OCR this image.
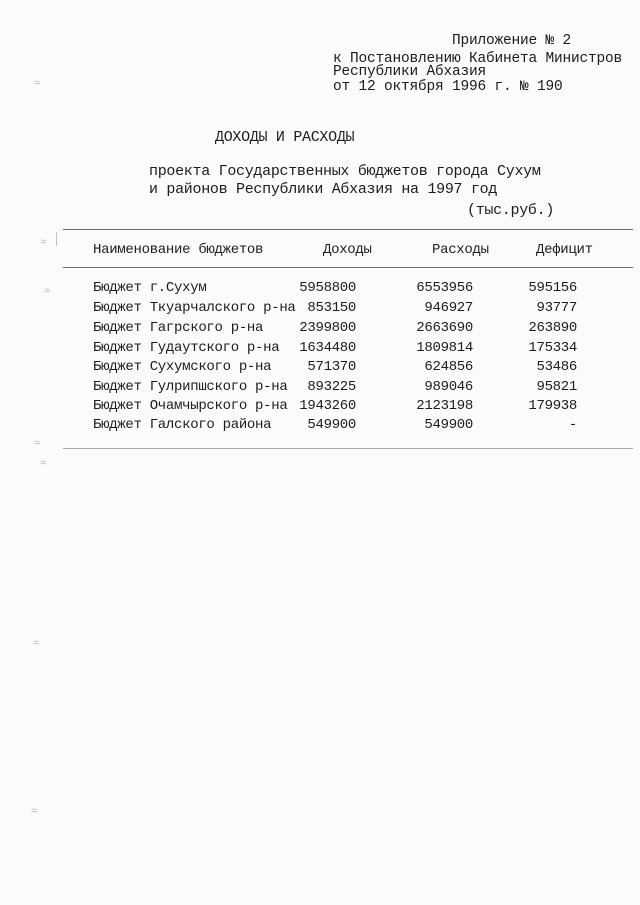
Приложение № 2
к Постановлению Кабинета Министров
Республики Абхазия
от 12 октября 1996 г. № 190
ДОХОДЫ И РАСХОДЫ
проекта Государственных бюджетов города Сухум
и районов Республики Абхазия на 1997 год
(тыс.руб.)
Наименование бюджетов	Доходы	Расходы	Дефицит
Бюджет г.Сухум	5958800	6553956	595156
Бюджет Ткуарчалского р-на 853150	946927	93777
Бюджет Гагрского р-на	2399800	2663690	263890
Бюджет Гудаутского р-на	1634480	1809814	175334
Бюджет Сухумского р-на	571370	624856	53486
Бюджет Гулрипшского р-на	893225	989046	95821
Бюджет Очамчырского р-на 1943260	2123198	179938
Бюджет Галского района	549900	549900	-
≈
≈
≈
≈
≈
≈
≈
